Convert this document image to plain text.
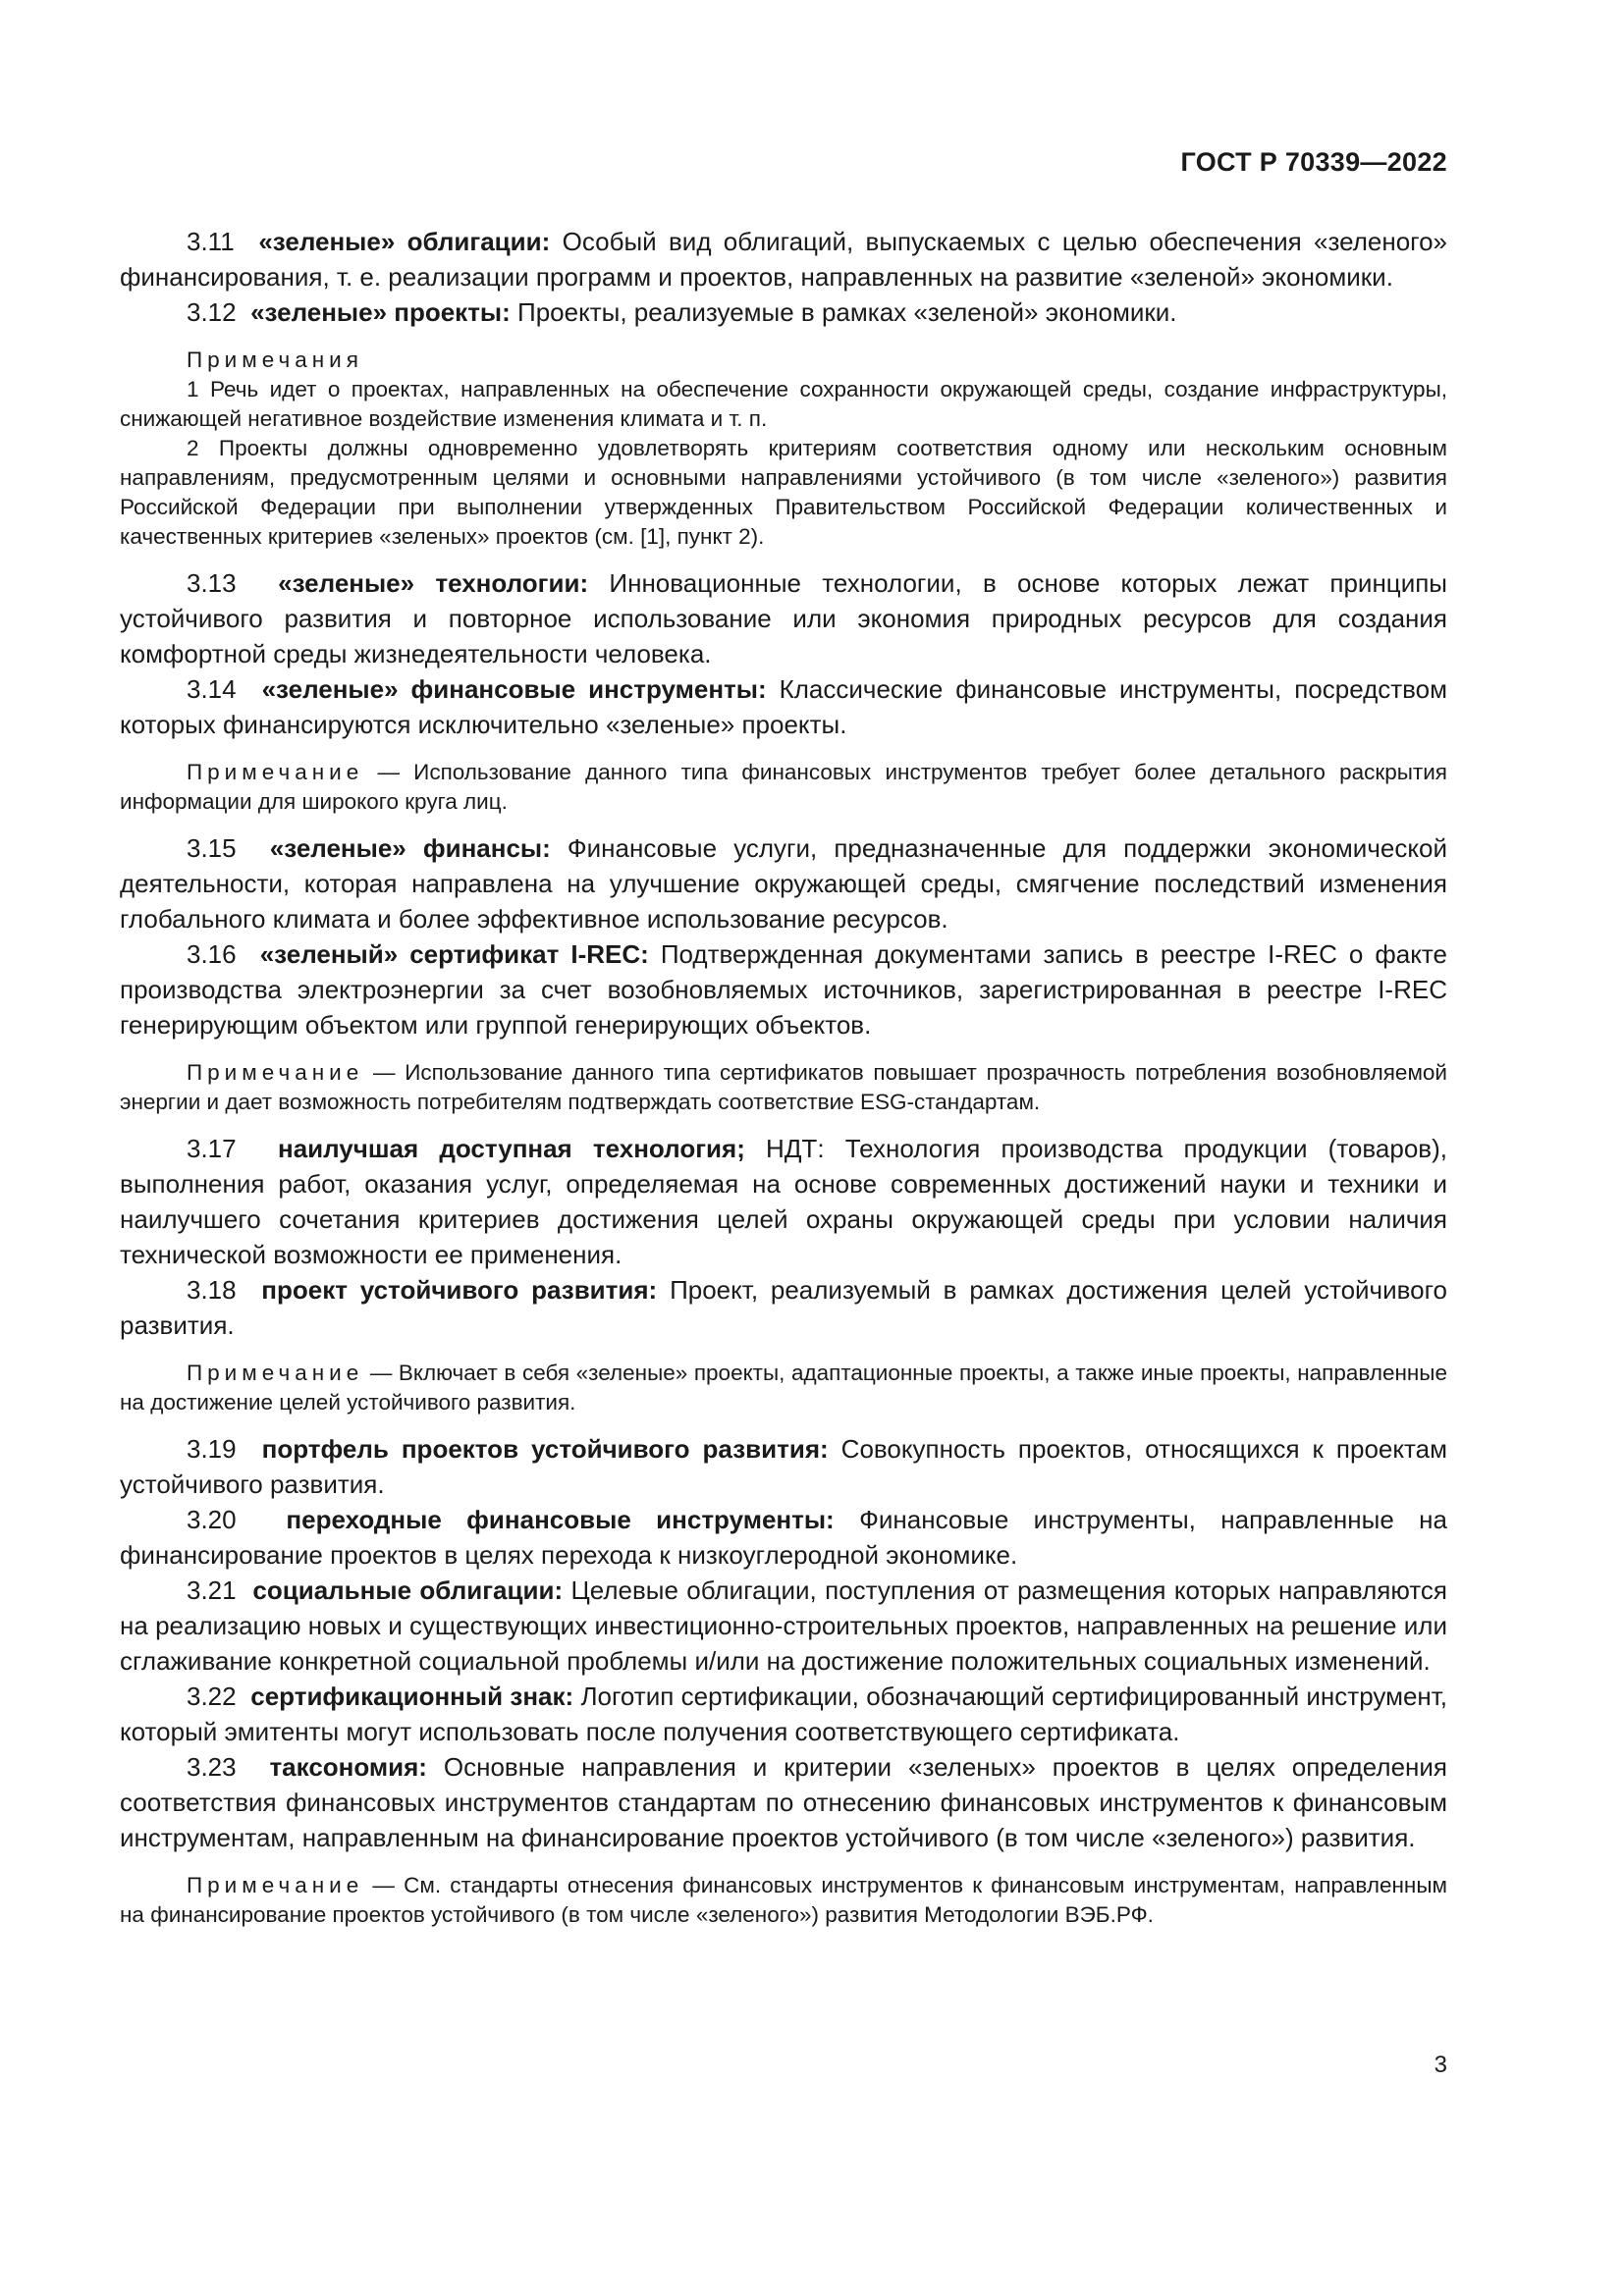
ГОСТ Р 70339—2022

3.11 «зеленые» облигации: Особый вид облигаций, выпускаемых с целью обеспечения «зеленого» финансирования, т. е. реализации программ и проектов, направленных на развитие «зеленой» экономики.

3.12 «зеленые» проекты: Проекты, реализуемые в рамках «зеленой» экономики.

Примечания

1 Речь идет о проектах, направленных на обеспечение сохранности окружающей среды, создание инфраструктуры, снижающей негативное воздействие изменения климата и т. п.

2 Проекты должны одновременно удовлетворять критериям соответствия одному или нескольким основным направлениям, предусмотренным целями и основными направлениями устойчивого (в том числе «зеленого») развития Российской Федерации при выполнении утвержденных Правительством Российской Федерации количественных и качественных критериев «зеленых» проектов (см. [1], пункт 2).

3.13 «зеленые» технологии: Инновационные технологии, в основе которых лежат принципы устойчивого развития и повторное использование или экономия природных ресурсов для создания комфортной среды жизнедеятельности человека.

3.14 «зеленые» финансовые инструменты: Классические финансовые инструменты, посредством которых финансируются исключительно «зеленые» проекты.

Примечание — Использование данного типа финансовых инструментов требует более детального раскрытия информации для широкого круга лиц.

3.15 «зеленые» финансы: Финансовые услуги, предназначенные для поддержки экономической деятельности, которая направлена на улучшение окружающей среды, смягчение последствий изменения глобального климата и более эффективное использование ресурсов.

3.16 «зеленый» сертификат I-REC: Подтвержденная документами запись в реестре I-REC о факте производства электроэнергии за счет возобновляемых источников, зарегистрированная в реестре I-REC генерирующим объектом или группой генерирующих объектов.

Примечание — Использование данного типа сертификатов повышает прозрачность потребления возобновляемой энергии и дает возможность потребителям подтверждать соответствие ESG-стандартам.

3.17 наилучшая доступная технология; НДТ: Технология производства продукции (товаров), выполнения работ, оказания услуг, определяемая на основе современных достижений науки и техники и наилучшего сочетания критериев достижения целей охраны окружающей среды при условии наличия технической возможности ее применения.

3.18 проект устойчивого развития: Проект, реализуемый в рамках достижения целей устойчивого развития.

Примечание — Включает в себя «зеленые» проекты, адаптационные проекты, а также иные проекты, направленные на достижение целей устойчивого развития.

3.19 портфель проектов устойчивого развития: Совокупность проектов, относящихся к проектам устойчивого развития.

3.20 переходные финансовые инструменты: Финансовые инструменты, направленные на финансирование проектов в целях перехода к низкоуглеродной экономике.

3.21 социальные облигации: Целевые облигации, поступления от размещения которых направляются на реализацию новых и существующих инвестиционно-строительных проектов, направленных на решение или сглаживание конкретной социальной проблемы и/или на достижение положительных социальных изменений.

3.22 сертификационный знак: Логотип сертификации, обозначающий сертифицированный инструмент, который эмитенты могут использовать после получения соответствующего сертификата.

3.23 таксономия: Основные направления и критерии «зеленых» проектов в целях определения соответствия финансовых инструментов стандартам по отнесению финансовых инструментов к финансовым инструментам, направленным на финансирование проектов устойчивого (в том числе «зеленого») развития.

Примечание — См. стандарты отнесения финансовых инструментов к финансовым инструментам, направленным на финансирование проектов устойчивого (в том числе «зеленого») развития Методологии ВЭБ.РФ.

3
